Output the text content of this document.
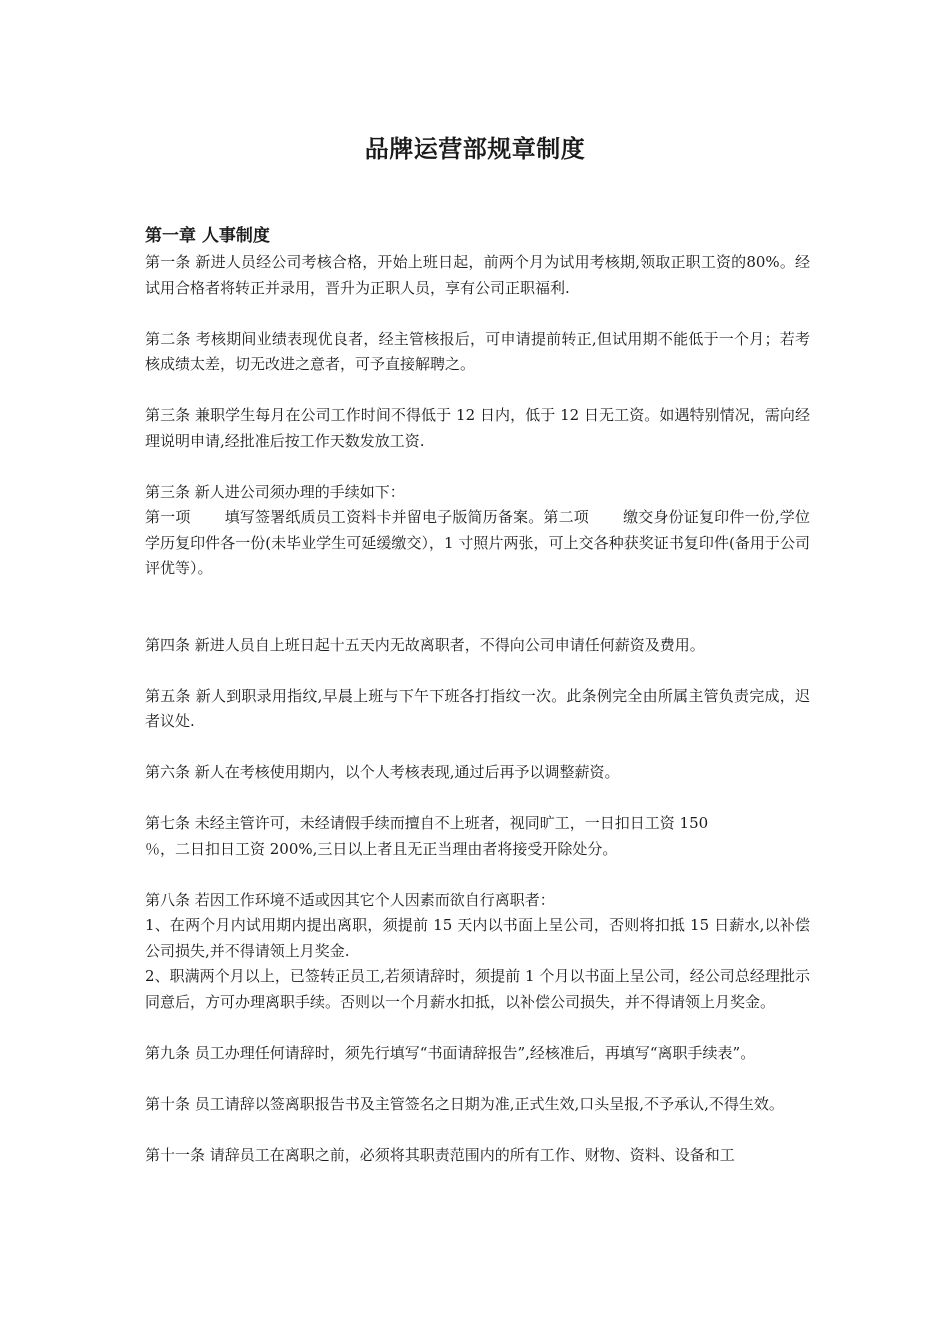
品牌运营部规章制度
第一章 人事制度

第一条 新进人员经公司考核合格，开始上班日起，前两个月为试用考核期,领取正职工资的80%。经试用合格者将转正并录用，晋升为正职人员，享有公司正职福利.

第二条 考核期间业绩表现优良者，经主管核报后，可申请提前转正,但试用期不能低于一个月；若考核成绩太差，切无改进之意者，可予直接解聘之。

第三条 兼职学生每月在公司工作时间不得低于 12 日内，低于 12 日无工资。如遇特别情况，需向经理说明申请,经批准后按工作天数发放工资.

第三条 新人进公司须办理的手续如下：

第一项 填写签署纸质员工资料卡并留电子版简历备案。第二项 缴交身份证复印件一份,学位学历复印件各一份(未毕业学生可延缓缴交），1 寸照片两张，可上交各种获奖证书复印件(备用于公司评优等）。

第四条 新进人员自上班日起十五天内无故离职者，不得向公司申请任何薪资及费用。

第五条 新人到职录用指纹,早晨上班与下午下班各打指纹一次。此条例完全由所属主管负责完成，迟者议处.

第六条 新人在考核使用期内，以个人考核表现,通过后再予以调整薪资。

第七条 未经主管许可，未经请假手续而擅自不上班者，视同旷工，一日扣日工资 150

％，二日扣日工资 200%,三日以上者且无正当理由者将接受开除处分。

第八条 若因工作环境不适或因其它个人因素而欲自行离职者：

1、在两个月内试用期内提出离职，须提前 15 天内以书面上呈公司，否则将扣抵 15 日薪水,以补偿公司损失,并不得请领上月奖金.

2、职满两个月以上，已签转正员工,若须请辞时，须提前 1 个月以书面上呈公司，经公司总经理批示同意后，方可办理离职手续。否则以一个月薪水扣抵，以补偿公司损失，并不得请领上月奖金。

第九条 员工办理任何请辞时，须先行填写“书面请辞报告”,经核准后，再填写“离职手续表”。

第十条 员工请辞以签离职报告书及主管签名之日期为准,正式生效,口头呈报,不予承认,不得生效。

第十一条 请辞员工在离职之前，必须将其职责范围内的所有工作、财物、资料、设备和工
